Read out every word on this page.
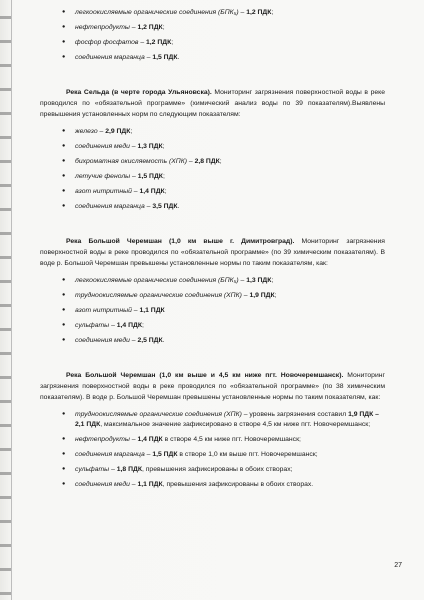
● легкоокисляемые органические соединения (БПК₅) – 1,2 ПДК;
● нефтепродукты – 1,2 ПДК;
● фосфор фосфатов – 1,2 ПДК;
● соединения марганца – 1,5 ПДК.

Река Сельда (в черте города Ульяновска). Мониторинг загрязнения поверхностной воды в реке проводился по «обязательной программе» (химический анализ воды по 39 показателям).Выявлены превышения установленных норм по следующим показателям:

● железо – 2,9 ПДК;
● соединения меди – 1,3 ПДК;
● бихроматная окисляемость (ХПК) – 2,8 ПДК;
● летучие фенолы – 1,5 ПДК;
● азот нитритный – 1,4 ПДК;
● соединения марганца – 3,5 ПДК.

Река Большой Черемшан (1,0 км выше г. Димитровград). Мониторинг загрязнения поверхностной воды в реке проводился по «обязательной программе» (по 39 химическим показателям). В воде р. Большой Черемшан превышены установленные нормы по таким показателям, как:

● легкоокисляемые органические соединения (БПК₅) – 1,3 ПДК;
● трудноокисляемые органические соединения (ХПК) – 1,9 ПДК;
● азот нитритный – 1,1 ПДК
● сульфаты – 1,4 ПДК;
● соединения меди – 2,5 ПДК.

Река Большой Черемшан (1,0 км выше и 4,5 км ниже пгт. Новочеремшанск). Мониторинг загрязнения поверхностной воды в реке проводился по «обязательной программе» (по 38 химическим показателям). В воде р. Большой Черемшан превышены установленные нормы по таким показателям, как:

● трудноокисляемые органические соединения (ХПК) – уровень загрязнения составил 1,9 ПДК – 2,1 ПДК, максимальное значение зафиксировано в створе 4,5 км ниже пгт. Новочеремшанск;
● нефтепродукты – 1,4 ПДК в створе 4,5 км ниже пгт. Новочеремшанск;
● соединения марганца – 1,5 ПДК в створе 1,0 км выше пгт. Новочеремшанск;
● сульфаты – 1,8 ПДК, превышения зафиксированы в обоих створах;
● соединения меди – 1,1 ПДК, превышения зафиксированы в обоих створах.
27
